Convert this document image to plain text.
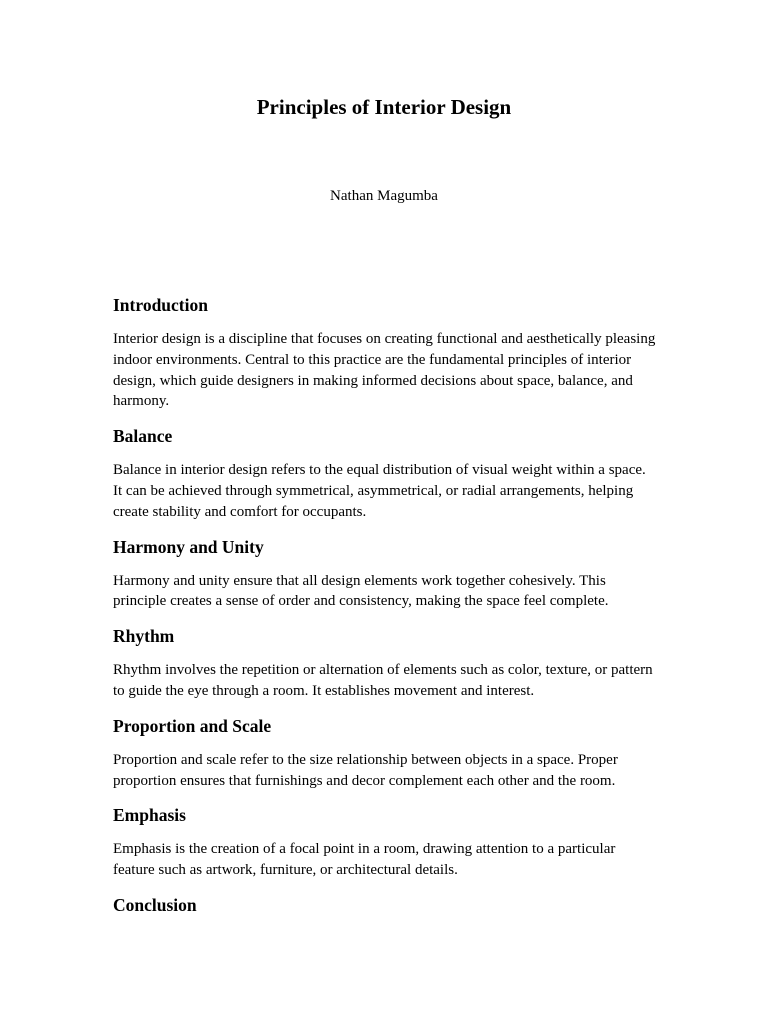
Principles of Interior Design

Nathan Magumba

Introduction

Interior design is a discipline that focuses on creating functional and aesthetically pleasing indoor environments. Central to this practice are the fundamental principles of interior design, which guide designers in making informed decisions about space, balance, and harmony.

Balance

Balance in interior design refers to the equal distribution of visual weight within a space. It can be achieved through symmetrical, asymmetrical, or radial arrangements, helping create stability and comfort for occupants.

Harmony and Unity

Harmony and unity ensure that all design elements work together cohesively. This principle creates a sense of order and consistency, making the space feel complete.

Rhythm

Rhythm involves the repetition or alternation of elements such as color, texture, or pattern to guide the eye through a room. It establishes movement and interest.

Proportion and Scale

Proportion and scale refer to the size relationship between objects in a space. Proper proportion ensures that furnishings and decor complement each other and the room.

Emphasis

Emphasis is the creation of a focal point in a room, drawing attention to a particular feature such as artwork, furniture, or architectural details.

Conclusion
